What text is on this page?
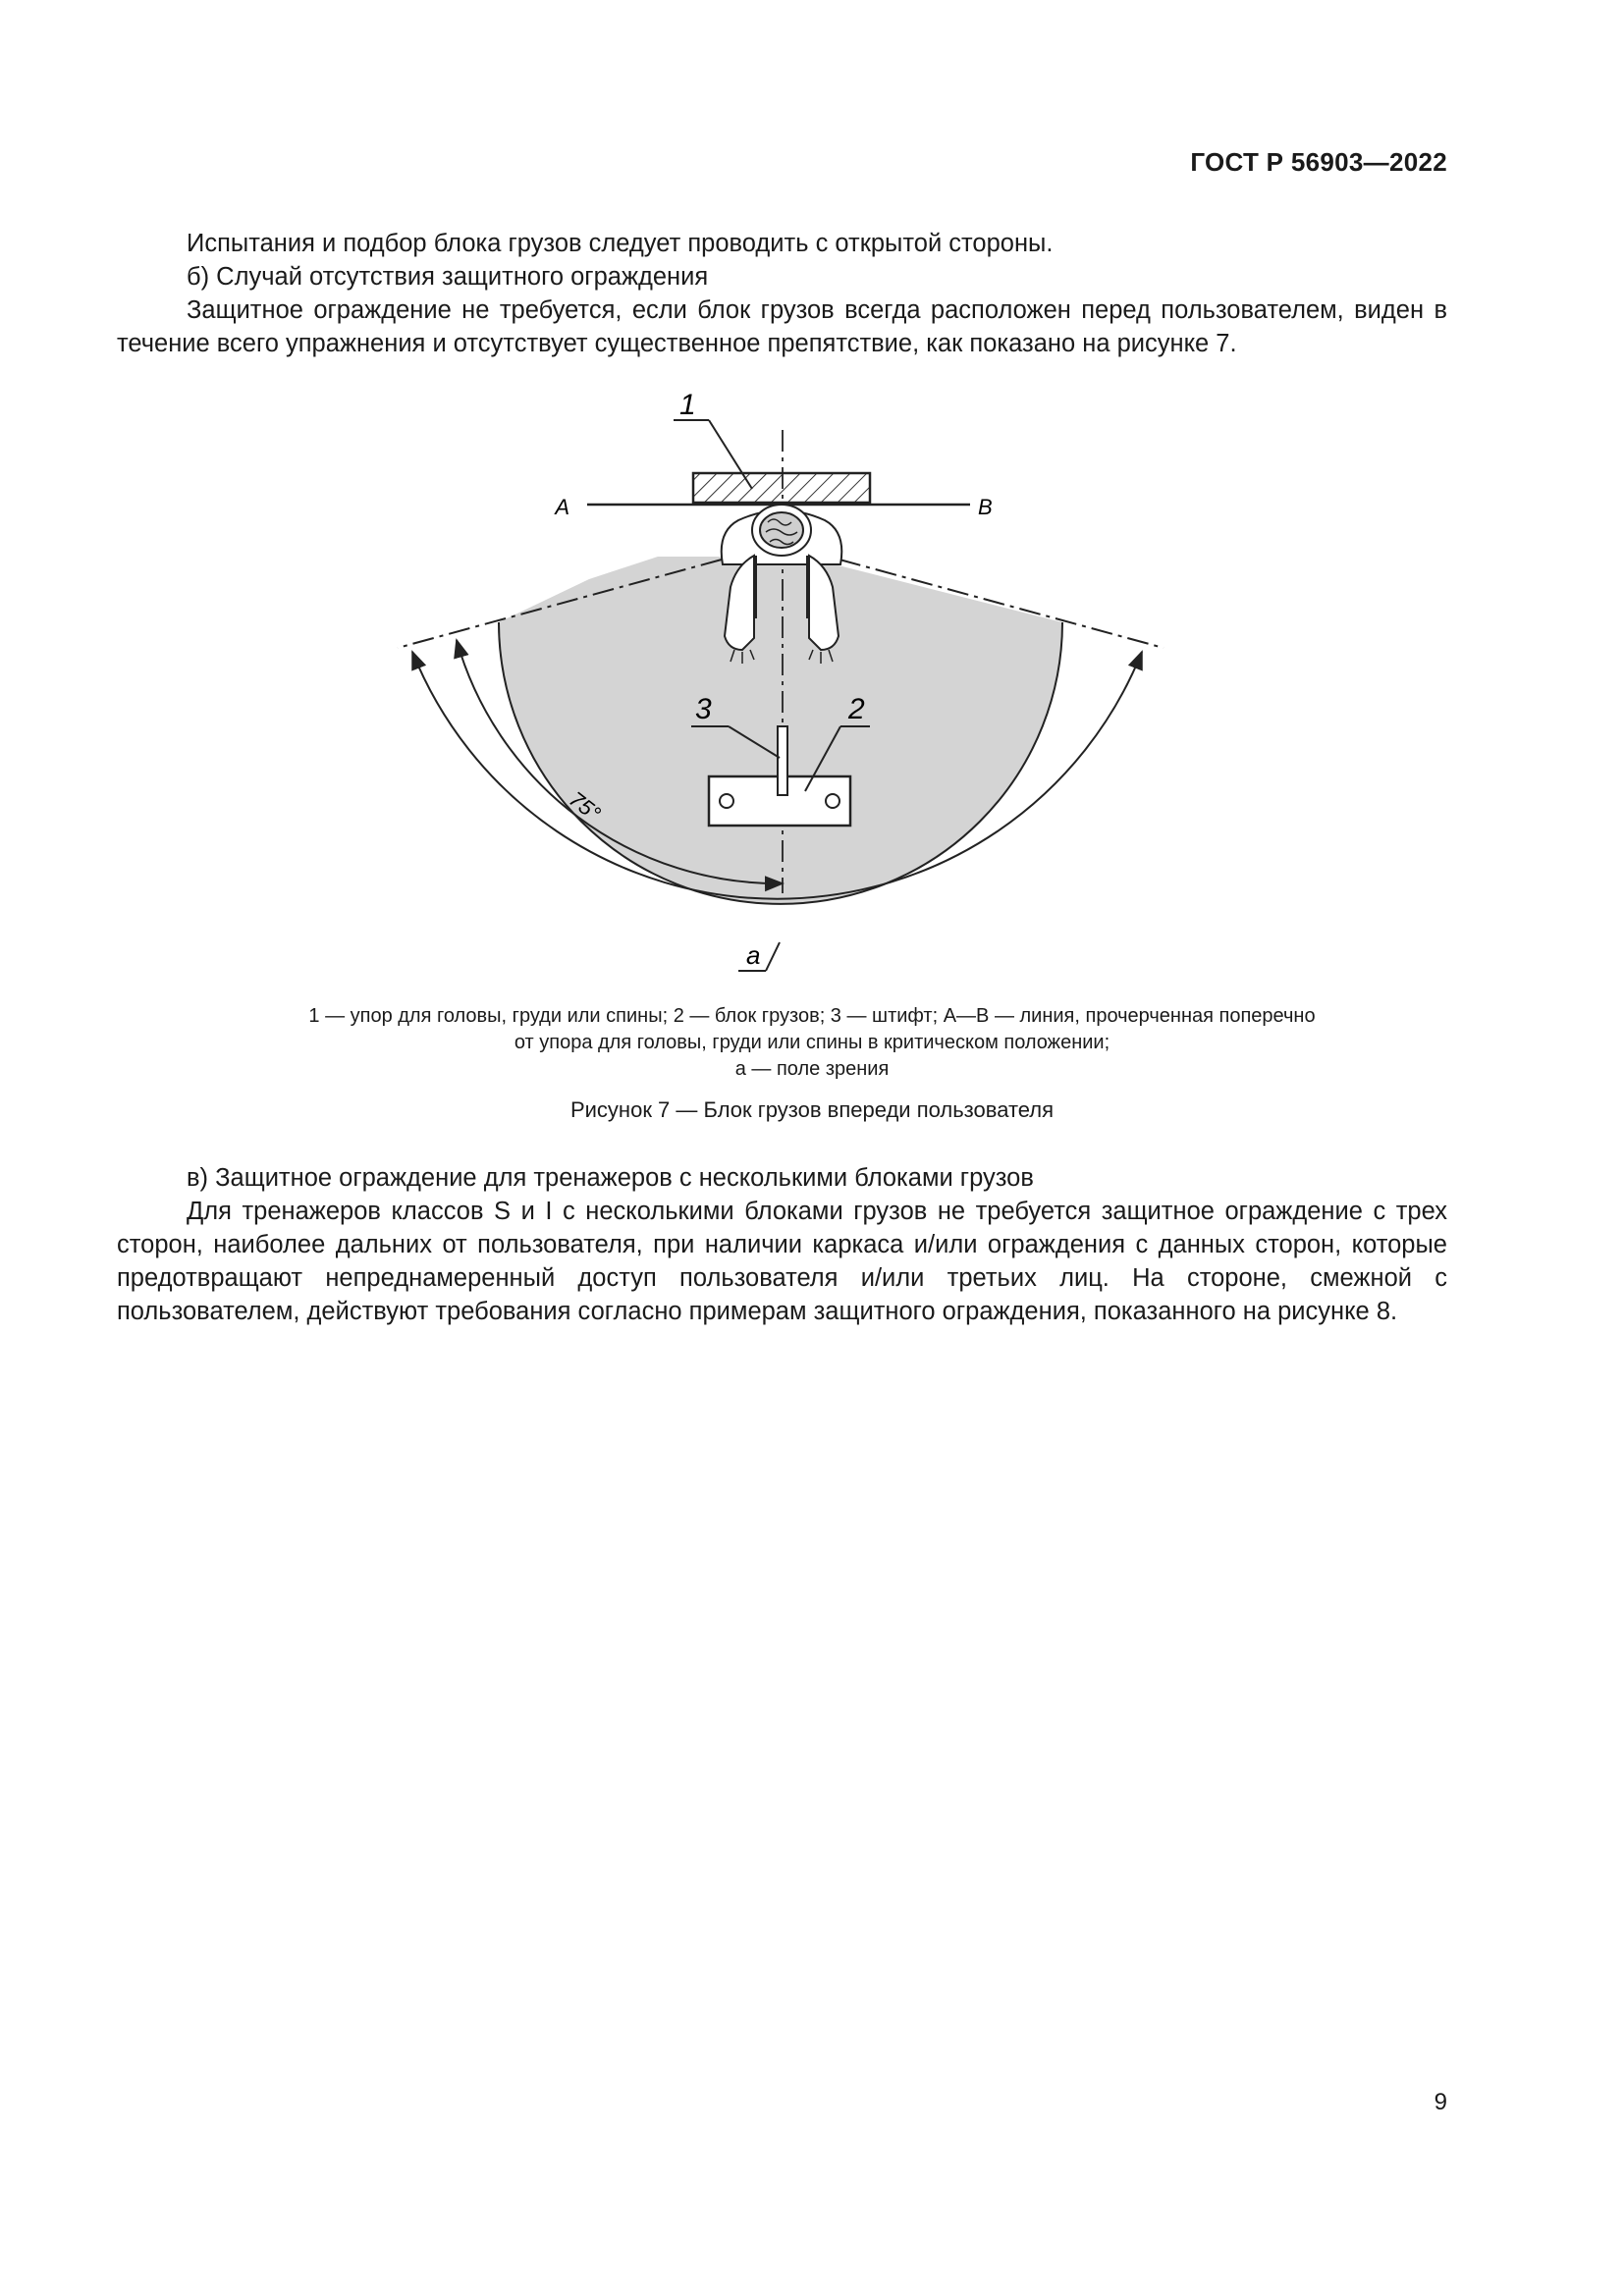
ГОСТ Р 56903—2022

Испытания и подбор блока грузов следует проводить с открытой стороны.

б) Случай отсутствия защитного ограждения

Защитное ограждение не требуется, если блок грузов всегда расположен перед пользователем, виден в течение всего упражнения и отсутствует существенное препятствие, как показано на рисунке 7.

A	B
1
3	2
75°
a

1 — упор для головы, груди или спины; 2 — блок грузов; 3 — штифт; A—B — линия, прочерченная поперечно

от упора для головы, груди или спины в критическом положении;

a — поле зрения

Рисунок 7 — Блок грузов впереди пользователя

в) Защитное ограждение для тренажеров с несколькими блоками грузов

Для тренажеров классов S и I с несколькими блоками грузов не требуется защитное ограждение с трех сторон, наиболее дальних от пользователя, при наличии каркаса и/или ограждения с данных сторон, которые предотвращают непреднамеренный доступ пользователя и/или третьих лиц. На стороне, смежной с пользователем, действуют требования согласно примерам защитного ограждения, показанного на рисунке 8.

9
